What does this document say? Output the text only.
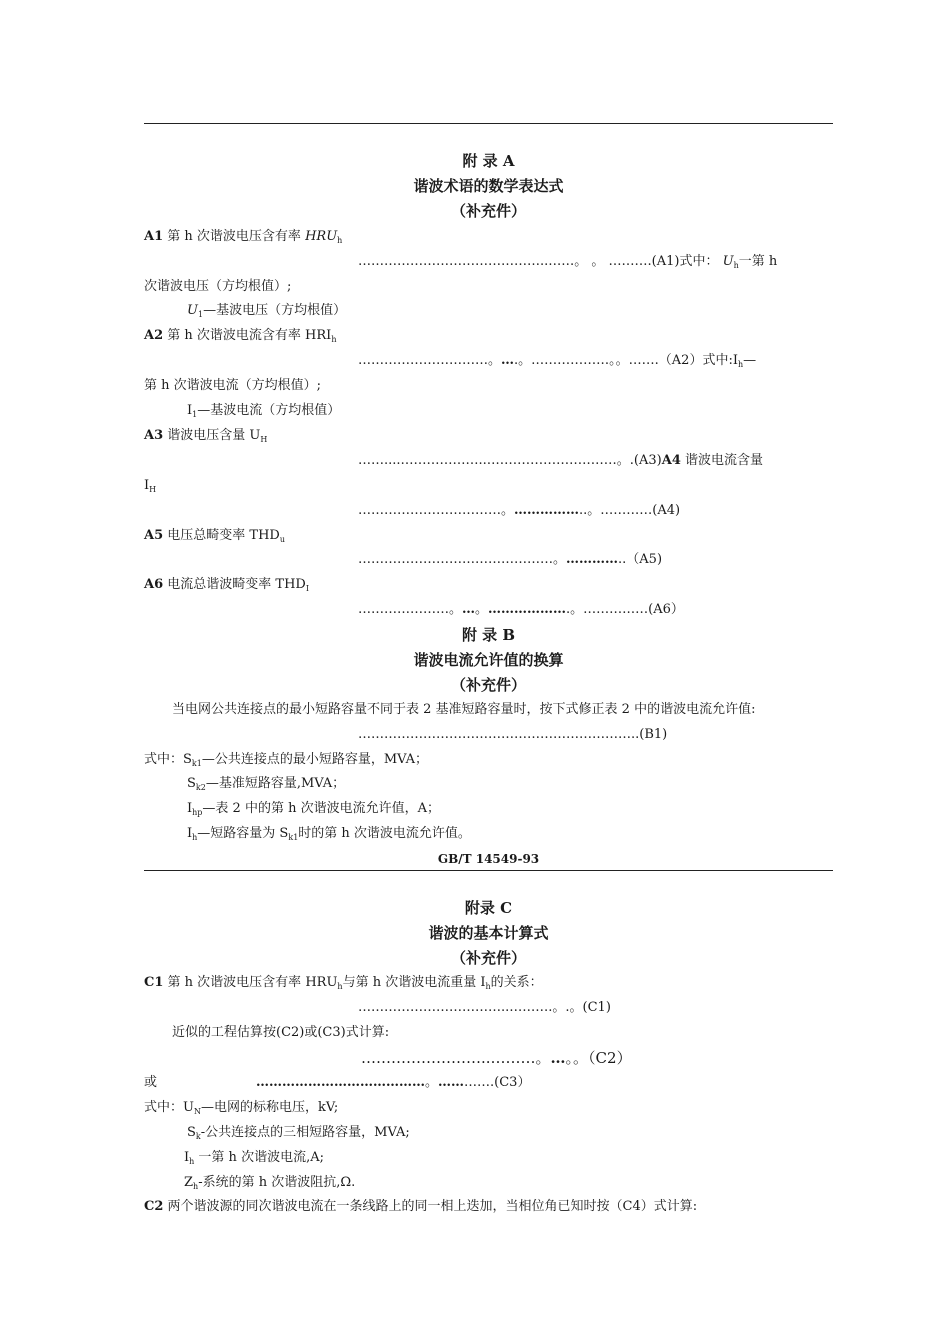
附 录 A
谐波术语的数学表达式
（补充件）
A1 第 h 次谐波电压含有率 $HRU_h$
……………………………………..……。 。 ……….(A1)式中： $U_h$一第 h
次谐波电压（方均根值）;
$U_1—$基波电压（方均根值）
A2 第 h 次谐波电流含有率 $HRI_h$
…………………………。….。………………。。…….（A2）式中$:I_h—$
第 h 次谐波电流（方均根值）;
$I_1—$基波电流（方均根值）
A3 谐波电压含量 $U_H$
……....………………..…………………………。.(A3)A4 谐波电流含量
$I_H$
……………………………。……………..。…………(A4)
A5 电压总畸变率 $THD_u$
………………………………………。…………..（A5)
A6 电流总谐波畸变率 $THD_I$
…………………。…。……………….。……………(A6）
附 录 B
谐波电流允许值的换算
（补充件）
当电网公共连接点的最小短路容量不同于表 2 基准短路容量时，按下式修正表 2 中的谐波电流允许值:
………………………………………………………..(B1)
式中：$S_{k1}—$公共连接点的最小短路容量，MVA；
$S_{k2}—$基准短路容量,MVA；
$I_{hp}—$表 2 中的第 h 次谐波电流允许值，A；
$I_h—$短路容量为 $S_{k1}$时的第 h 次谐波电流允许值。
GB/T 14549-93
附录 C
谐波的基本计算式
（补充件）
C1 第 h 次谐波电压含有率 $HRU_h$与第 h 次谐波电流重量 $I_h$的关系：
……………………………..……….。.。(C1)
近似的工程估算按(C2)或(C3)式计算:
……………………..………。…。。（C2）
或	…………………………………。………….(C3）
式中：$U_N—$电网的标称电压，kV;
$S_k-$公共连接点的三相短路容量，MVA;
$I_h$ 一第 h 次谐波电流,A;
$Z_h-$系统的第 h 次谐波阻抗,Ω.
C2 两个谐波源的同次谐波电流在一条线路上的同一相上迭加，当相位角已知时按（C4）式计算:
